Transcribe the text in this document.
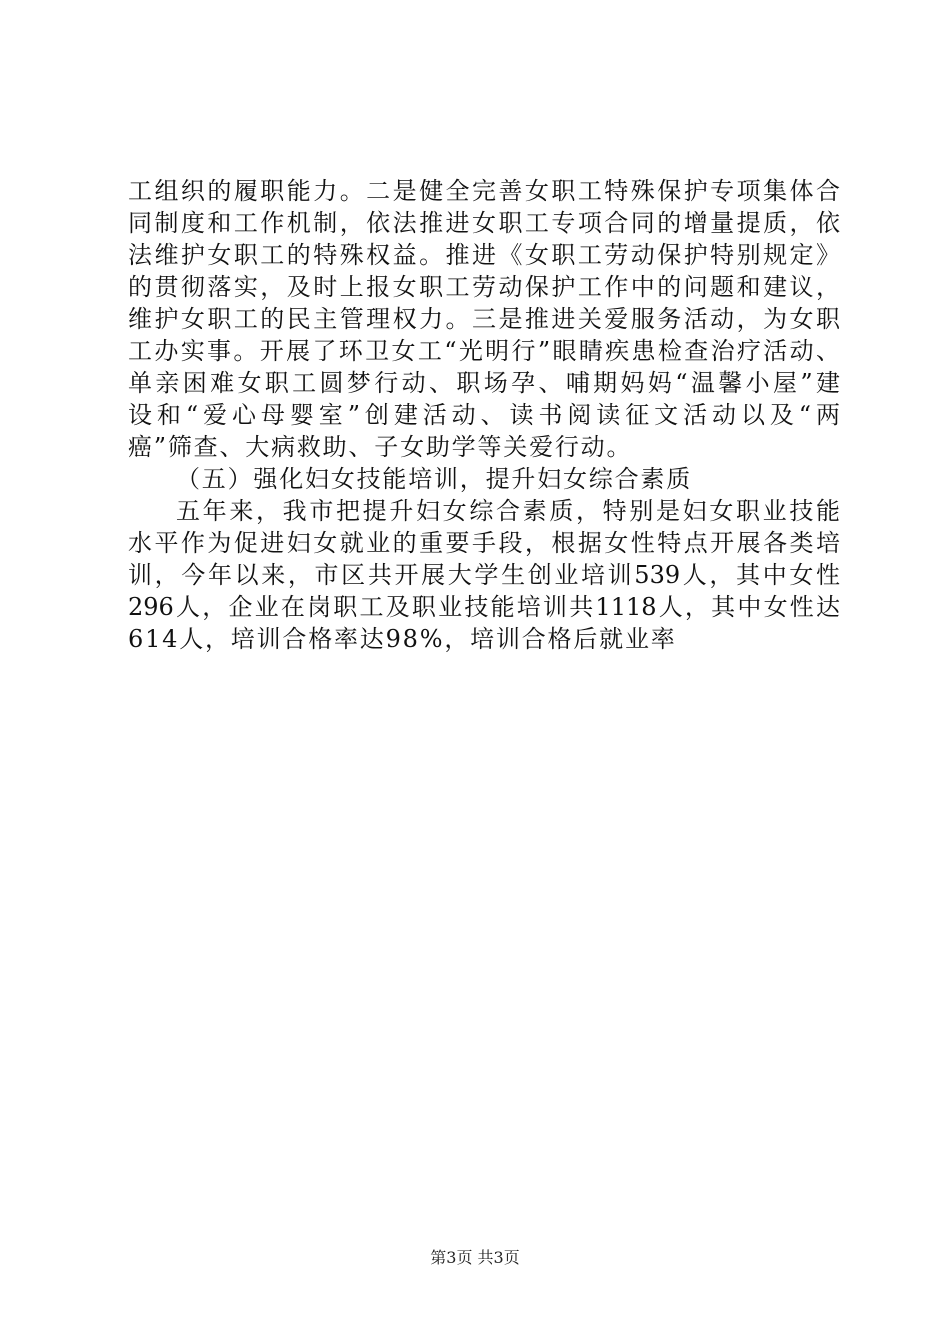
工组织的履职能力。二是健全完善女职工特殊保护专项集体合
同制度和工作机制，依法推进女职工专项合同的增量提质，依
法维护女职工的特殊权益。推进《女职工劳动保护特别规定》
的贯彻落实，及时上报女职工劳动保护工作中的问题和建议，
维护女职工的民主管理权力。三是推进关爱服务活动，为女职
工办实事。开展了环卫女工“光明行”眼睛疾患检查治疗活动、
单亲困难女职工圆梦行动、职场孕、哺期妈妈“温馨小屋”建
设和“爱心母婴室”创建活动、读书阅读征文活动以及“两
癌”筛查、大病救助、子女助学等关爱行动。
（五）强化妇女技能培训，提升妇女综合素质
五年来，我市把提升妇女综合素质，特别是妇女职业技能
水平作为促进妇女就业的重要手段，根据女性特点开展各类培
训，今年以来，市区共开展大学生创业培训539人，其中女性
296人，企业在岗职工及职业技能培训共1118人，其中女性达
614人，培训合格率达98%，培训合格后就业率
第3页 共3页
